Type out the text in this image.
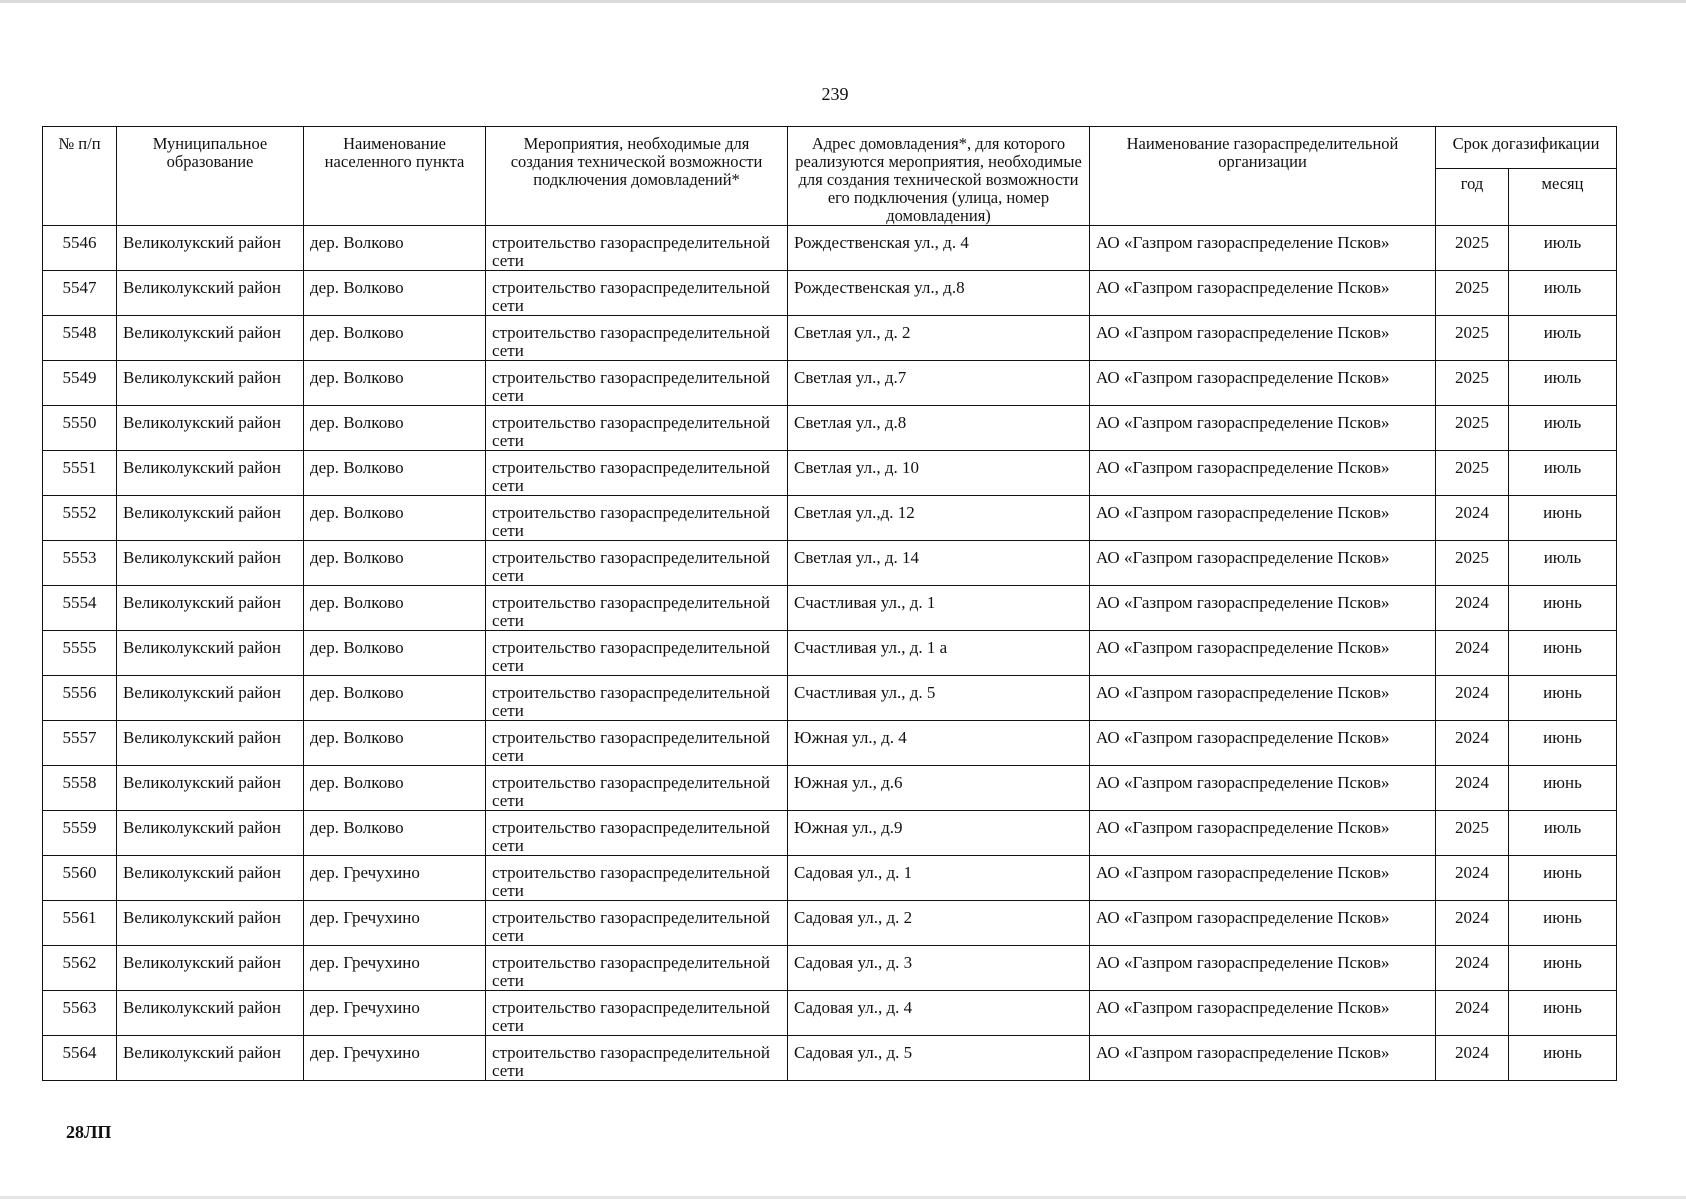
239
№ п/п	Муниципальное образование	Наименование населенного пункта	Мероприятия, необходимые для создания технической возможности подключения домовладений*	Адрес домовладения*, для которого реализуются мероприятия, необходимые для создания технической возможности его подключения (улица, номер домовладения)	Наименование газораспределительной организации	Срок догазификации	
						год	месяц
5546	Великолукский район	дер. Волково	строительство газораспределительной сети	Рождественская ул., д. 4	АО «Газпром газораспределение Псков»	2025	июль
5547	Великолукский район	дер. Волково	строительство газораспределительной сети	Рождественская ул., д.8	АО «Газпром газораспределение Псков»	2025	июль
5548	Великолукский район	дер. Волково	строительство газораспределительной сети	Светлая ул., д. 2	АО «Газпром газораспределение Псков»	2025	июль
5549	Великолукский район	дер. Волково	строительство газораспределительной сети	Светлая ул., д.7	АО «Газпром газораспределение Псков»	2025	июль
5550	Великолукский район	дер. Волково	строительство газораспределительной сети	Светлая ул., д.8	АО «Газпром газораспределение Псков»	2025	июль
5551	Великолукский район	дер. Волково	строительство газораспределительной сети	Светлая ул., д. 10	АО «Газпром газораспределение Псков»	2025	июль
5552	Великолукский район	дер. Волково	строительство газораспределительной сети	Светлая ул.,д. 12	АО «Газпром газораспределение Псков»	2024	июнь
5553	Великолукский район	дер. Волково	строительство газораспределительной сети	Светлая ул., д. 14	АО «Газпром газораспределение Псков»	2025	июль
5554	Великолукский район	дер. Волково	строительство газораспределительной сети	Счастливая ул., д. 1	АО «Газпром газораспределение Псков»	2024	июнь
5555	Великолукский район	дер. Волково	строительство газораспределительной сети	Счастливая ул., д. 1 а	АО «Газпром газораспределение Псков»	2024	июнь
5556	Великолукский район	дер. Волково	строительство газораспределительной сети	Счастливая ул., д. 5	АО «Газпром газораспределение Псков»	2024	июнь
5557	Великолукский район	дер. Волково	строительство газораспределительной сети	Южная ул., д. 4	АО «Газпром газораспределение Псков»	2024	июнь
5558	Великолукский район	дер. Волково	строительство газораспределительной сети	Южная ул., д.6	АО «Газпром газораспределение Псков»	2024	июнь
5559	Великолукский район	дер. Волково	строительство газораспределительной сети	Южная ул., д.9	АО «Газпром газораспределение Псков»	2025	июль
5560	Великолукский район	дер. Гречухино	строительство газораспределительной сети	Садовая ул., д. 1	АО «Газпром газораспределение Псков»	2024	июнь
5561	Великолукский район	дер. Гречухино	строительство газораспределительной сети	Садовая ул., д. 2	АО «Газпром газораспределение Псков»	2024	июнь
5562	Великолукский район	дер. Гречухино	строительство газораспределительной сети	Садовая ул., д. 3	АО «Газпром газораспределение Псков»	2024	июнь
5563	Великолукский район	дер. Гречухино	строительство газораспределительной сети	Садовая ул., д. 4	АО «Газпром газораспределение Псков»	2024	июнь
5564	Великолукский район	дер. Гречухино	строительство газораспределительной сети	Садовая ул., д. 5	АО «Газпром газораспределение Псков»	2024	июнь
28ЛП
